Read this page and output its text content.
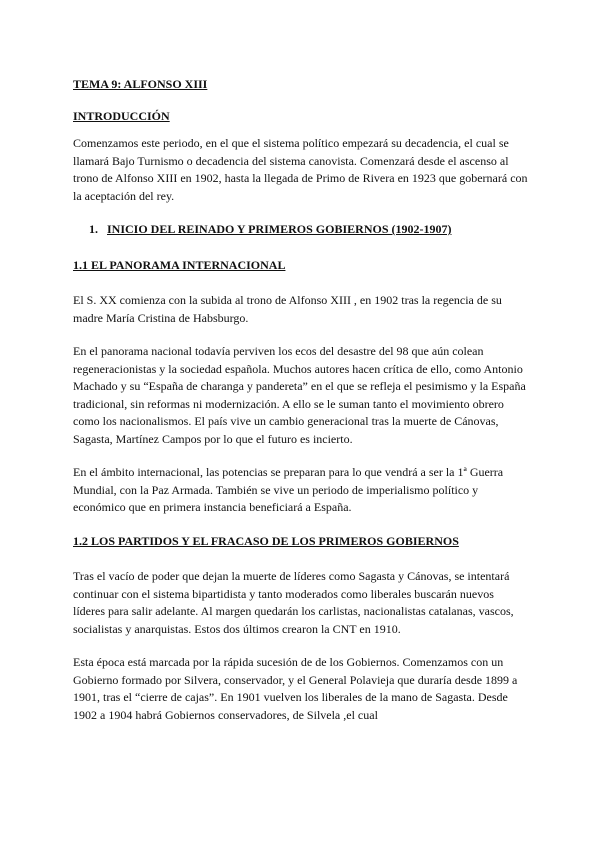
TEMA 9: ALFONSO XIII

INTRODUCCIÓN

Comenzamos este periodo, en el que el sistema político empezará su decadencia, el cual se llamará Bajo Turnismo o decadencia del sistema canovista. Comenzará desde el ascenso al trono de Alfonso XIII en 1902, hasta la llegada de Primo de Rivera en 1923 que gobernará con la aceptación del rey.

1. INICIO DEL REINADO Y PRIMEROS GOBIERNOS (1902-1907)

1.1 EL PANORAMA INTERNACIONAL

El S. XX comienza con la subida al trono de Alfonso XIII , en 1902 tras la regencia de su madre María Cristina de Habsburgo.

En el panorama nacional todavía perviven los ecos del desastre del 98 que aún colean regeneracionistas y la sociedad española. Muchos autores hacen crítica de ello, como Antonio Machado y su “España de charanga y pandereta” en el que se refleja el pesimismo y la España tradicional, sin reformas ni modernización. A ello se le suman tanto el movimiento obrero como los nacionalismos. El país vive un cambio generacional tras la muerte de Cánovas, Sagasta, Martínez Campos por lo que el futuro es incierto.

En el ámbito internacional, las potencias se preparan para lo que vendrá a ser la 1ª Guerra Mundial, con la Paz Armada. También se vive un periodo de imperialismo político y económico que en primera instancia beneficiará a España.

1.2 LOS PARTIDOS Y EL FRACASO DE LOS PRIMEROS GOBIERNOS

Tras el vacío de poder que dejan la muerte de líderes como Sagasta y Cánovas, se intentará continuar con el sistema bipartidista y tanto moderados como liberales buscarán nuevos líderes para salir adelante. Al margen quedarán los carlistas, nacionalistas catalanas, vascos, socialistas y anarquistas. Estos dos últimos crearon la CNT en 1910.

Esta época está marcada por la rápida sucesión de de los Gobiernos. Comenzamos con un Gobierno formado por Silvera, conservador, y el General Polavieja que duraría desde 1899 a 1901, tras el “cierre de cajas”. En 1901 vuelven los liberales de la mano de Sagasta. Desde 1902 a 1904 habrá Gobiernos conservadores, de Silvela ,el cual
